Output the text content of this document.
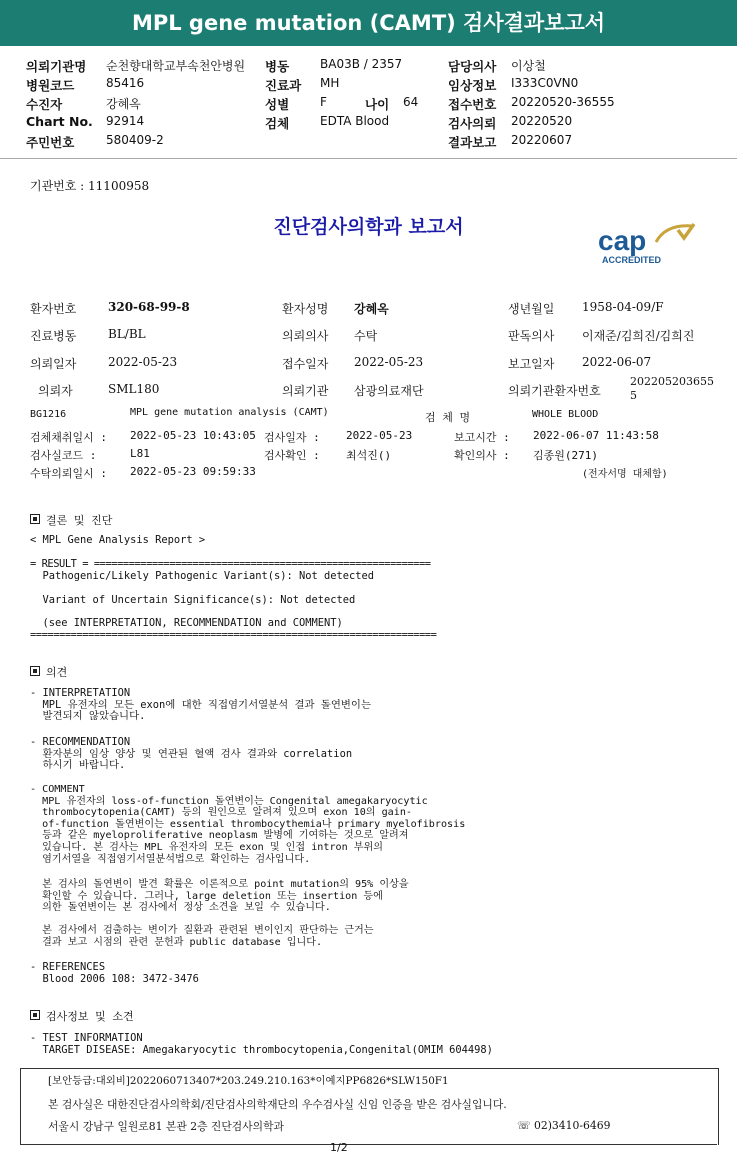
MPL gene mutation (CAMT) 검사결과보고서
의뢰기관명 순천향대학교부속천안병원 병동	BA03B / 2357	담당의사 이상철
병원코드	85416	진료과 MH	임상정보 I333C0VN0
수진자	강혜옥	성별	F	나이 64 접수번호 20220520-36555
Chart No. 92914	검체	EDTA Blood	검사의뢰 20220520
주민번호	580409-2	결과보고 20220607
기관번호 : 11100958
진단검사의학과 보고서	cap
ACCREDITED
환자번호	320-68-99-8	환자성명 강혜옥	생년월일 1958-04-09/F
진료병동	BL/BL	의뢰의사 수탁	판독의사 이재준/김희진/김희진
의뢰일자	2022-05-23	접수일자 2022-05-23	보고일자 2022-06-07
의뢰자	SML180	의뢰기관 삼광의료재단	의뢰기관환자번호
202205203655
5
BG1216	MPL gene mutation analysis (CAMT)	검 체 명	WHOLE BLOOD
검체채취일시 : 2022-05-23 10:43:05 검사일자 : 2022-05-23	보고시간 : 2022-06-07 11:43:58
검사실코드 :	L81	검사확인 : 최석진()	확인의사 : 김종원(271)
수탁의뢰일시 : 2022-05-23 09:59:33	(전자서명 대체함)
결론 및 진단
< MPL Gene Analysis Report >
= RESULT = ==========================================================
Pathogenic/Likely Pathogenic Variant(s): Not detected
Variant of Uncertain Significance(s): Not detected
(see INTERPRETATION, RECOMMENDATION and COMMENT)
======================================================================
의견
- INTERPRETATION
MPL 유전자의 모든 exon에 대한 직접염기서열분석 결과 돌연변이는
발견되지 않았습니다.
- RECOMMENDATION
환자분의 임상 양상 및 연관된 혈액 검사 결과와 correlation
하시기 바랍니다.
- COMMENT
MPL 유전자의 loss-of-function 돌연변이는 Congenital amegakaryocytic
thrombocytopenia(CAMT) 등의 원인으로 알려져 있으며 exon 10의 gain-
of-function 돌연변이는 essential thrombocythemia나 primary myelofibrosis
등과 같은 myeloproliferative neoplasm 발병에 기여하는 것으로 알려져
있습니다. 본 검사는 MPL 유전자의 모든 exon 및 인접 intron 부위의
염기서열을 직접염기서열분석법으로 확인하는 검사입니다.
본 검사의 돌연변이 발견 확률은 이론적으로 point mutation의 95% 이상을
확인할 수 있습니다. 그러나, large deletion 또는 insertion 등에
의한 돌연변이는 본 검사에서 정상 소견을 보일 수 있습니다.
본 검사에서 검출하는 변이가 질환과 관련된 변이인지 판단하는 근거는
결과 보고 시점의 관련 문헌과 public database 입니다.
- REFERENCES
Blood 2006 108: 3472-3476
검사정보 및 소견
- TEST INFORMATION
TARGET DISEASE: Amegakaryocytic thrombocytopenia,Congenital(OMIM 604498)
[보안등급:대외비]2022060713407*203.249.210.163*이예지PP6826*SLW150F1
본 검사실은 대한진단검사의학회/진단검사의학재단의 우수검사실 신임 인증을 받은 검사실입니다.
서울시 강남구 일원로81 본관 2층 진단검사의학과	☏ 02)3410-6469
1/2
